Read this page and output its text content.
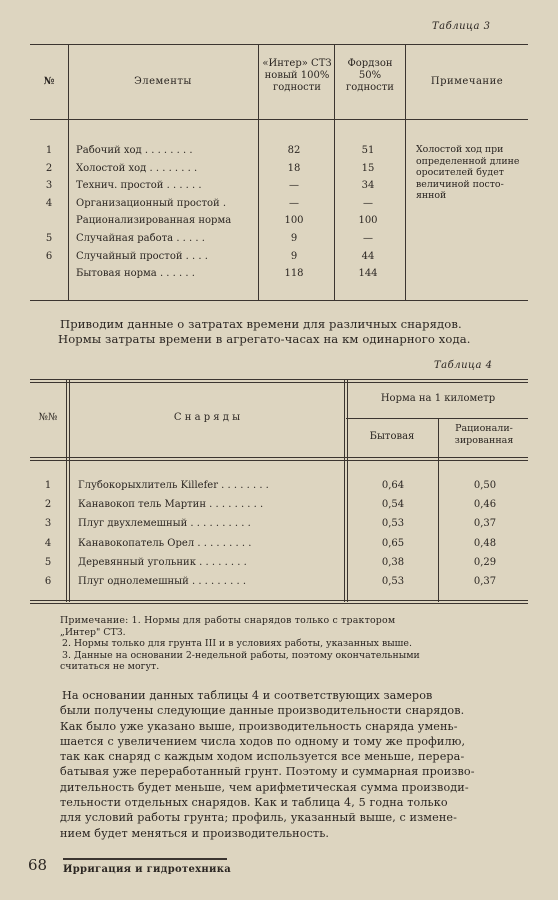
Таблица 3
№	Элементы
«Интер» СТЗ новый 100% годности
Фордзон 50% годности
Примечание
1	Рабочий ход . . . . . . . .	82	51
2	Холостой ход . . . . . . . .	18	15
3	Технич. простой . . . . . .	—	34
4	Организационный простой .	—	—
Рационализированная норма	100	100
5	Случайная работа . . . . .	9	—
6	Случайный простой . . . .	9	44
Бытовая норма . . . . . .	118	144
Холостой ход при
определенной длине
оросителей будет
величиной посто-
янной
Приводим данные о затратах времени для различных снарядов.
Нормы затраты времени в агрегато-часах на км одинарного хода.
Таблица 4
№№	С н а р я д ы
Норма на 1 километр
Бытовая
Рационали-зированная
1	Глубокорыхлитель Killefer . . . . . . . .	0,64	0,50
2	Канавокоп тель Мартин . . . . . . . . .	0,54	0,46
3	Плуг двухлемешный . . . . . . . . . .	0,53	0,37
4	Канавокопатель Орел . . . . . . . . .	0,65	0,48
5	Деревянный угольник . . . . . . . .	0,38	0,29
6	Плуг однолемешный . . . . . . . . .	0,53	0,37
Примечание: 1. Нормы для работы снарядов только с трактором
„Интер" СТЗ.
2. Нормы только для грунта III и в условиях работы, указанных выше.
3. Данные на основании 2-недельной работы, поэтому окончательными
считаться не могут.
На основании данных таблицы 4 и соответствующих замеров
были получены следующие данные производительности снарядов.
Как было уже указано выше, производительность снаряда умень-
шается с увеличением числа ходов по одному и тому же профилю,
так как снаряд с каждым ходом используется все меньше, перера-
батывая уже переработанный грунт. Поэтому и суммарная произво-
дительность будет меньше, чем арифметическая сумма производи-
тельности отдельных снарядов. Как и таблица 4, 5 годна только
для условий работы грунта; профиль, указанный выше, с измене-
нием будет меняться и производительность.
68 Ирригация и гидротехника
